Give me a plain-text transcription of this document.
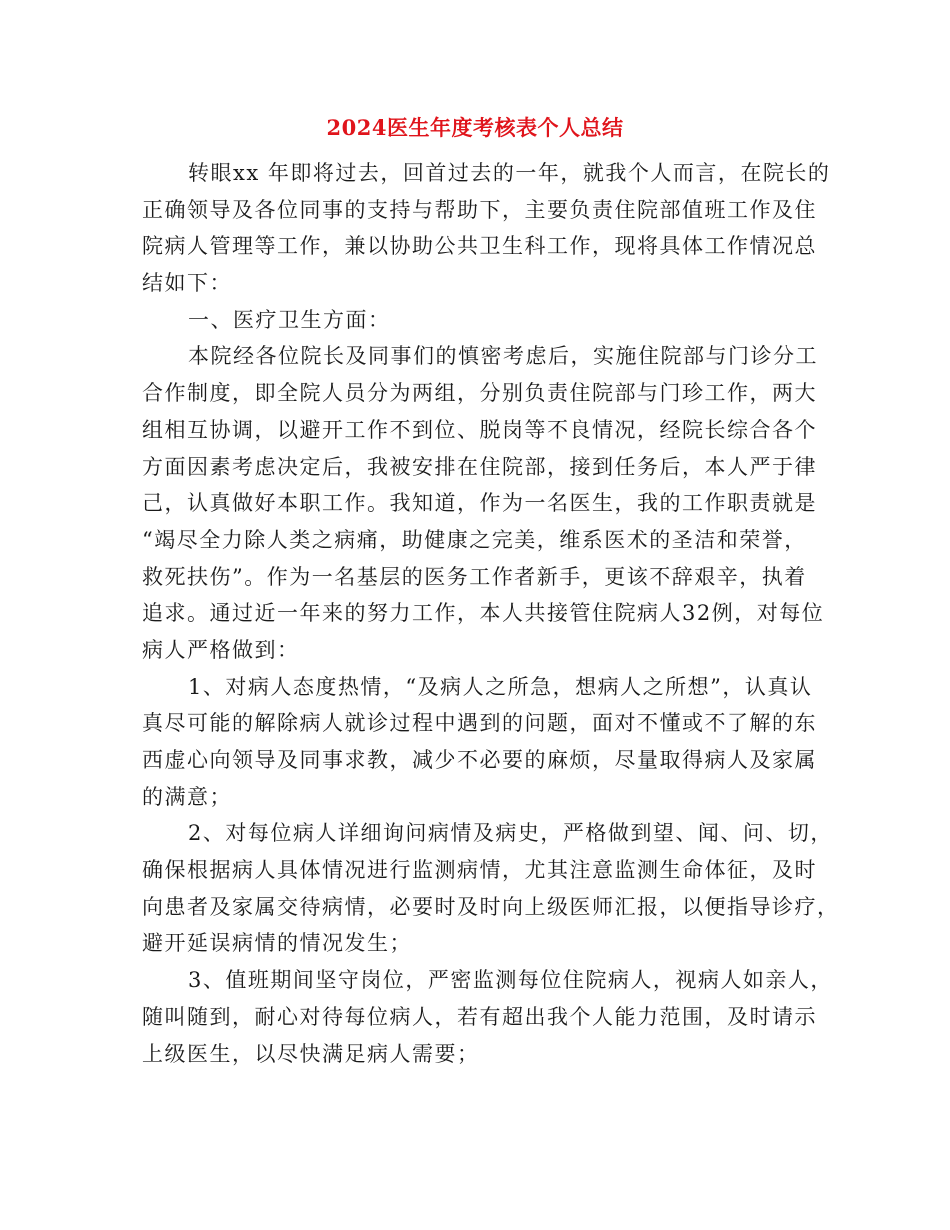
2024医生年度考核表个人总结
转眼xx 年即将过去，回首过去的一年，就我个人而言，在院长的
正确领导及各位同事的支持与帮助下，主要负责住院部值班工作及住
院病人管理等工作，兼以协助公共卫生科工作，现将具体工作情况总
结如下：
一、医疗卫生方面：
本院经各位院长及同事们的慎密考虑后，实施住院部与门诊分工
合作制度，即全院人员分为两组，分别负责住院部与门珍工作，两大
组相互协调，以避开工作不到位、脱岗等不良情况，经院长综合各个
方面因素考虑决定后，我被安排在住院部，接到任务后，本人严于律
己，认真做好本职工作。我知道，作为一名医生，我的工作职责就是
“竭尽全力除人类之病痛，助健康之完美，维系医术的圣洁和荣誉，
救死扶伤”。作为一名基层的医务工作者新手，更该不辞艰辛，执着
追求。通过近一年来的努力工作，本人共接管住院病人32例，对每位
病人严格做到：
1、对病人态度热情，“及病人之所急，想病人之所想”，认真认
真尽可能的解除病人就诊过程中遇到的问题，面对不懂或不了解的东
西虚心向领导及同事求教，减少不必要的麻烦，尽量取得病人及家属
的满意；
2、对每位病人详细询问病情及病史，严格做到望、闻、问、切，
确保根据病人具体情况进行监测病情，尤其注意监测生命体征，及时
向患者及家属交待病情，必要时及时向上级医师汇报，以便指导诊疗，
避开延误病情的情况发生；
3、值班期间坚守岗位，严密监测每位住院病人，视病人如亲人，
随叫随到，耐心对待每位病人，若有超出我个人能力范围，及时请示
上级医生，以尽快满足病人需要；
